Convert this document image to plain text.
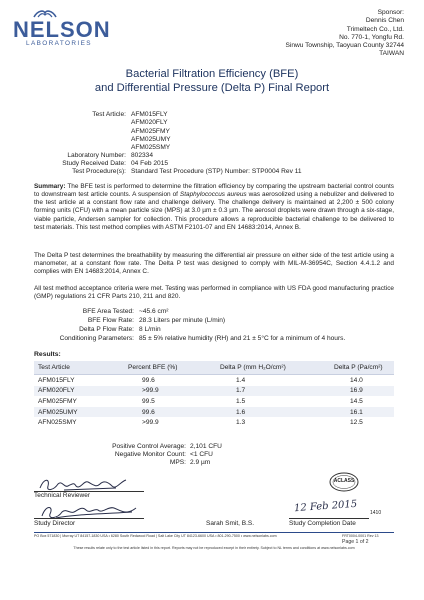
NELSON
LABORATORIES
Sponsor:
Dennis Chen
Trimeltech Co., Ltd.
No. 770-1, Yongfu Rd.
Sinwu Township, Taoyuan County 32744
TAIWAN
Bacterial Filtration Efficiency (BFE)
and Differential Pressure (Delta P) Final Report
Test Article: AFM015FLY
AFM020FLY
AFM025FMY
AFM025UMY
AFM025SMY
Laboratory Number: 802334
Study Received Date: 04 Feb 2015
Test Procedure(s): Standard Test Procedure (STP) Number: STP0004 Rev 11
Summary: The BFE test is performed to determine the filtration efficiency by comparing the upstream bacterial control counts to downstream test article counts. A suspension of Staphylococcus aureus was aerosolized using a nebulizer and delivered to the test article at a constant flow rate and challenge delivery. The challenge delivery is maintained at 2,200 ± 500 colony forming units (CFU) with a mean particle size (MPS) at 3.0 µm ± 0.3 µm. The aerosol droplets were drawn through a six-stage, viable particle, Andersen sampler for collection. This procedure allows a reproducible bacterial challenge to be delivered to test materials. This test method complies with ASTM F2101-07 and EN 14683:2014, Annex B.
The Delta P test determines the breathability by measuring the differential air pressure on either side of the test article using a manometer, at a constant flow rate. The Delta P test was designed to comply with MIL-M-36954C, Section 4.4.1.2 and complies with EN 14683:2014, Annex C.
All test method acceptance criteria were met. Testing was performed in compliance with US FDA good manufacturing practice (GMP) regulations 21 CFR Parts 210, 211 and 820.
BFE Area Tested: ~45.6 cm²
BFE Flow Rate: 28.3 Liters per minute (L/min)
Delta P Flow Rate: 8 L/min
Conditioning Parameters: 85 ± 5% relative humidity (RH) and 21 ± 5°C for a minimum of 4 hours.
Results:
Test Article	Percent BFE (%)	Delta P (mm H₂O/cm²)	Delta P (Pa/cm²)
AFM015FLY	99.6	1.4	14.0
AFM020FLY	>99.9	1.7	16.9
AFM025FMY	99.5	1.5	14.5
AFM025UMY	99.6	1.6	16.1
AFN025SMY	>99.9	1.3	12.5
Positive Control Average: 2,101 CFU
Negative Monitor Count: <1 CFU
MPS: 2.9 µm
Technical Reviewer
Study Director	Sarah Smit, B.S.
ACLASS
12 Feb 2015
Study Completion Date
1410
PO Box 571830 | Murray UT 84157-1830 USA • 6280 South Redwood Road | Salt Lake City UT 84123-6600 USA • 801-290-7500 • www.nelsonlabs.com	FRT0004-0001 Rev 13
Page 1 of 2
These results relate only to the test article listed in this report. Reports may not be reproduced except in their entirety. Subject to NL terms and conditions at www.nelsonlabs.com
